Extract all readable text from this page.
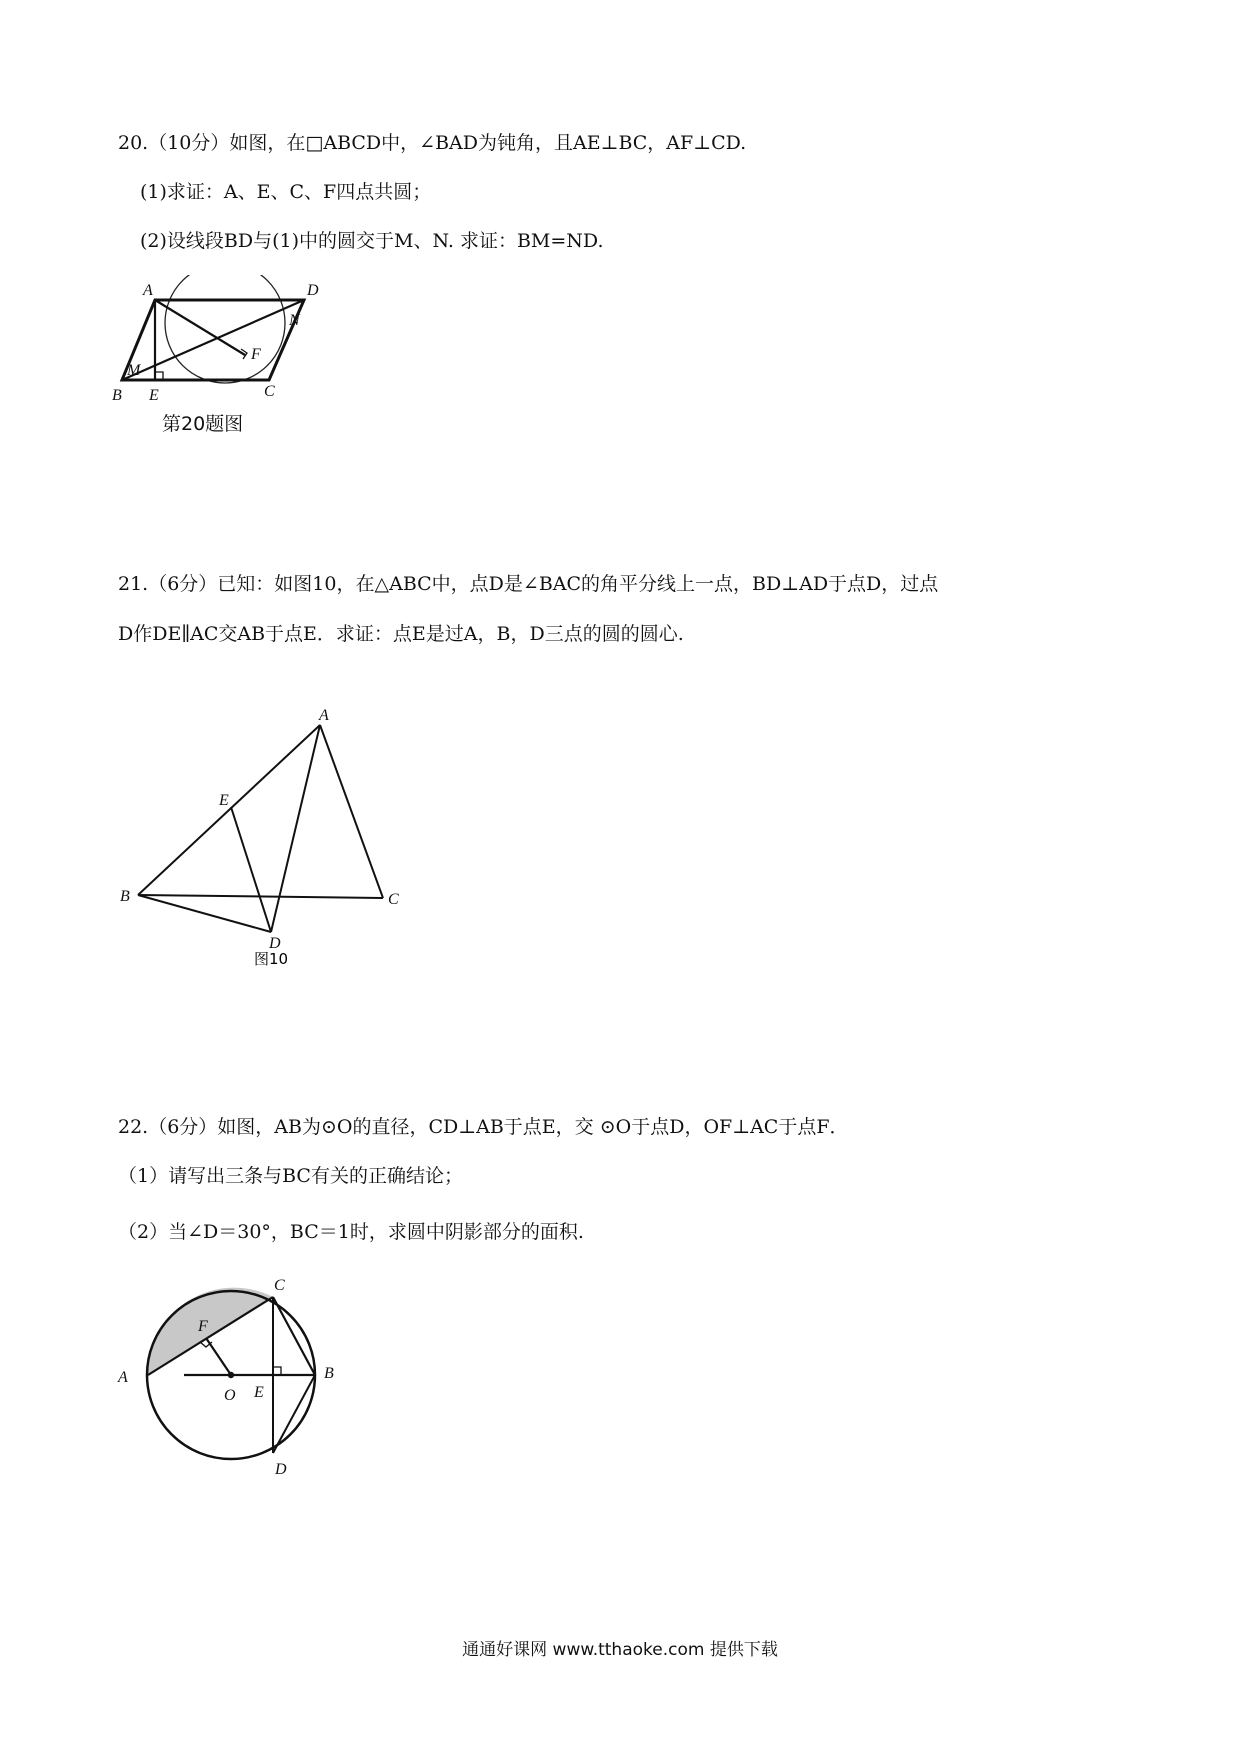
20.（10分）如图，在□ABCD中，∠BAD为钝角，且AE⊥BC，AF⊥CD.
(1)求证：A、E、C、F四点共圆；
(2)设线段BD与(1)中的圆交于M、N. 求证：BM=ND.
A	D
N
F
M
B E	C
第20题图
21.（6分）已知：如图10，在△ABC中，点D是∠BAC的角平分线上一点，BD⊥AD于点D，过点
D作DE∥AC交AB于点E．求证：点E是过A，B，D三点的圆的圆心.
A
E
B	C
D
图10
22.（6分）如图，AB为⊙O的直径，CD⊥AB于点E，交 ⊙O于点D，OF⊥AC于点F．
（1）请写出三条与BC有关的正确结论；
（2）当∠D＝30°，BC＝1时，求圆中阴影部分的面积.
C
F
A	B
O E
D
通通好课网 www.tthaoke.com 提供下载
